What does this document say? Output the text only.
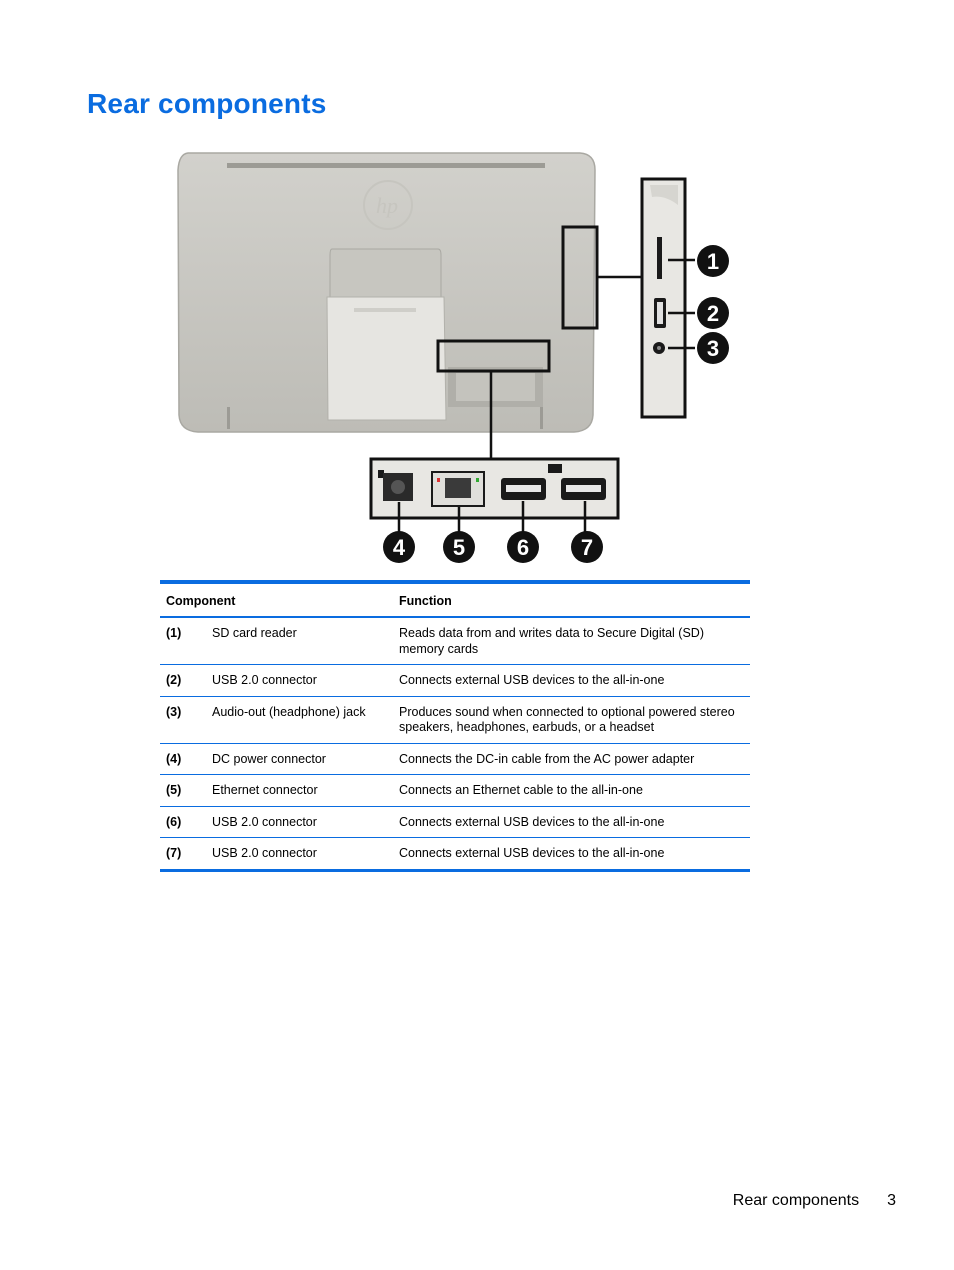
Rear components
hp
1
2
3
4 5 6 7
Component		Function
(1)	SD card reader	Reads data from and writes data to Secure Digital (SD) memory cards
(2)	USB 2.0 connector	Connects external USB devices to the all-in-one
(3)	Audio-out (headphone) jack	Produces sound when connected to optional powered stereo speakers, headphones, earbuds, or a headset
(4)	DC power connector	Connects the DC-in cable from the AC power adapter
(5)	Ethernet connector	Connects an Ethernet cable to the all-in-one
(6)	USB 2.0 connector	Connects external USB devices to the all-in-one
(7)	USB 2.0 connector	Connects external USB devices to the all-in-one
Rear components 3
